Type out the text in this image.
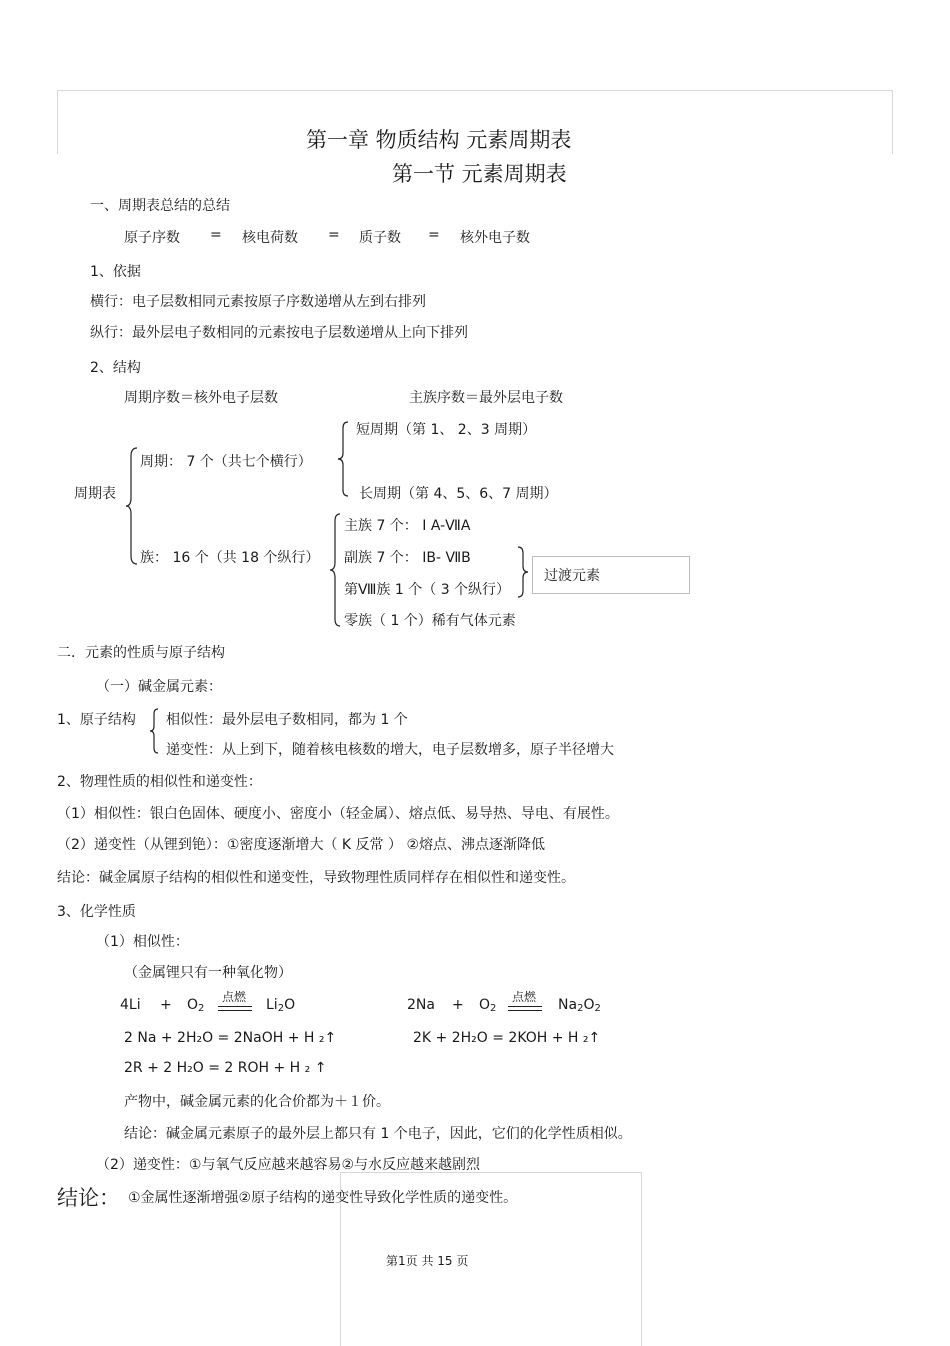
第一章 物质结构 元素周期表
第一节 元素周期表
一、周期表总结的总结
原子序数 = 核电荷数 = 质子数 = 核外电子数
1、依据
横行：电子层数相同元素按原子序数递增从左到右排列
纵行：最外层电子数相同的元素按电子层数递增从上向下排列
2、结构
周期序数＝核外电子层数	主族序数＝最外层电子数
周期表
周期： 7 个（共七个横行）
短周期（第 1、 2、3 周期）
长周期（第 4、5、6、7 周期）
族： 16 个（共 18 个纵行）
主族 7 个： Ⅰ A-ⅦA
副族 7 个： IB- ⅦB
第Ⅷ族 1 个（ 3 个纵行）
零族（ 1 个）稀有气体元素
过渡元素
二．元素的性质与原子结构
（一）碱金属元素：
1、原子结构 相似性：最外层电子数相同，都为 1 个
递变性：从上到下，随着核电核数的增大，电子层数增多，原子半径增大
2、物理性质的相似性和递变性：
（1）相似性：银白色固体、硬度小、密度小（轻金属）、熔点低、易导热、导电、有展性。
（2）递变性（从锂到铯）：①密度逐渐增大（ K 反常 ） ②熔点、沸点逐渐降低
结论：碱金属原子结构的相似性和递变性，导致物理性质同样存在相似性和递变性。
3、化学性质
（1）相似性：
（金属锂只有一种氧化物）
$4Li + O_2$
点燃 $Li_2O$	$2Na + O_2$
点燃 $Na_2O_2$
2 Na + 2H₂O = 2NaOH + H ₂↑	2K + 2H₂O = 2KOH + H ₂↑
2R + 2 H₂O = 2 ROH + H ₂ ↑
产物中，碱金属元素的化合价都为＋１价。
结论：碱金属元素原子的最外层上都只有 1 个电子，因此，它们的化学性质相似。
（2）递变性：①与氧气反应越来越容易②与水反应越来越剧烈
结论： ①金属性逐渐增强②原子结构的递变性导致化学性质的递变性。
第1页 共 15 页
